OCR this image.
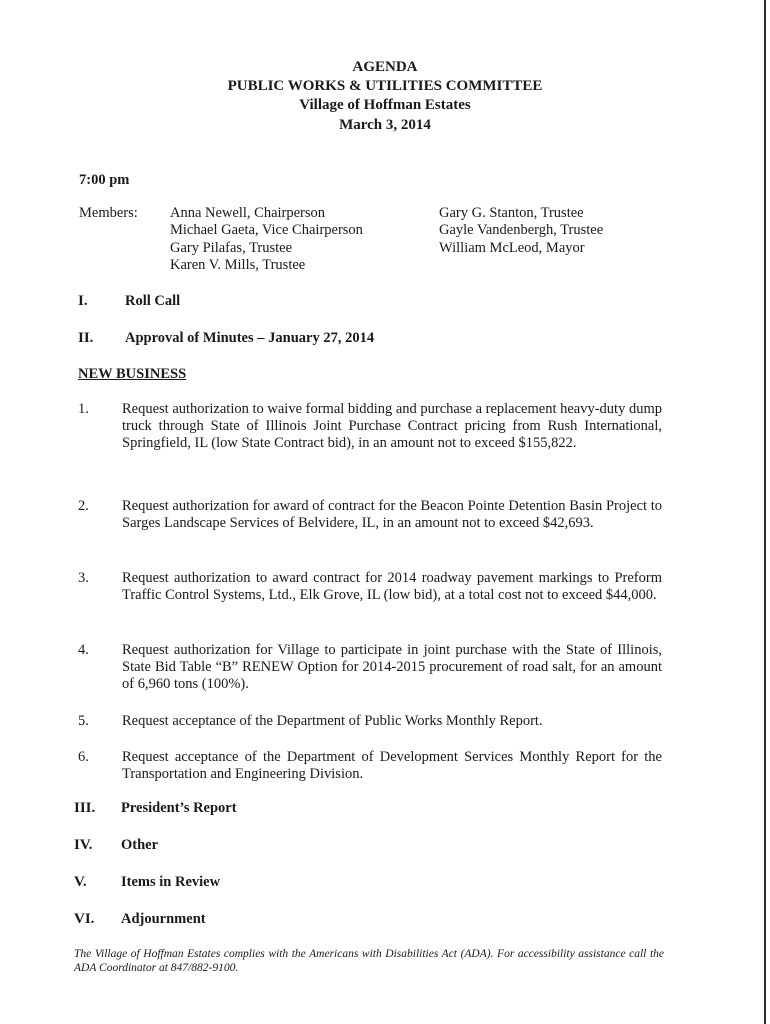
AGENDA
PUBLIC WORKS & UTILITIES COMMITTEE
Village of Hoffman Estates
March 3, 2014
7:00 pm
Members: Anna Newell, Chairperson
Michael Gaeta, Vice Chairperson
Gary Pilafas, Trustee
Karen V. Mills, Trustee
Gary G. Stanton, Trustee
Gayle Vandenbergh, Trustee
William McLeod, Mayor
I.	Roll Call
II. Approval of Minutes – January 27, 2014
NEW BUSINESS
1. Request authorization to waive formal bidding and purchase a replacement heavy-duty dump truck through State of Illinois Joint Purchase Contract pricing from Rush International, Springfield, IL (low State Contract bid), in an amount not to exceed $155,822.
2. Request authorization for award of contract for the Beacon Pointe Detention Basin Project to Sarges Landscape Services of Belvidere, IL, in an amount not to exceed $42,693.
3. Request authorization to award contract for 2014 roadway pavement markings to Preform Traffic Control Systems, Ltd., Elk Grove, IL (low bid), at a total cost not to exceed $44,000.
4. Request authorization for Village to participate in joint purchase with the State of Illinois, State Bid Table “B” RENEW Option for 2014-2015 procurement of road salt, for an amount of 6,960 tons (100%).
5. Request acceptance of the Department of Public Works Monthly Report.
6. Request acceptance of the Department of Development Services Monthly Report for the Transportation and Engineering Division.
III. President’s Report
IV. Other
V. Items in Review
VI. Adjournment
The Village of Hoffman Estates complies with the Americans with Disabilities Act (ADA). For accessibility assistance call the ADA Coordinator at 847/882-9100.
